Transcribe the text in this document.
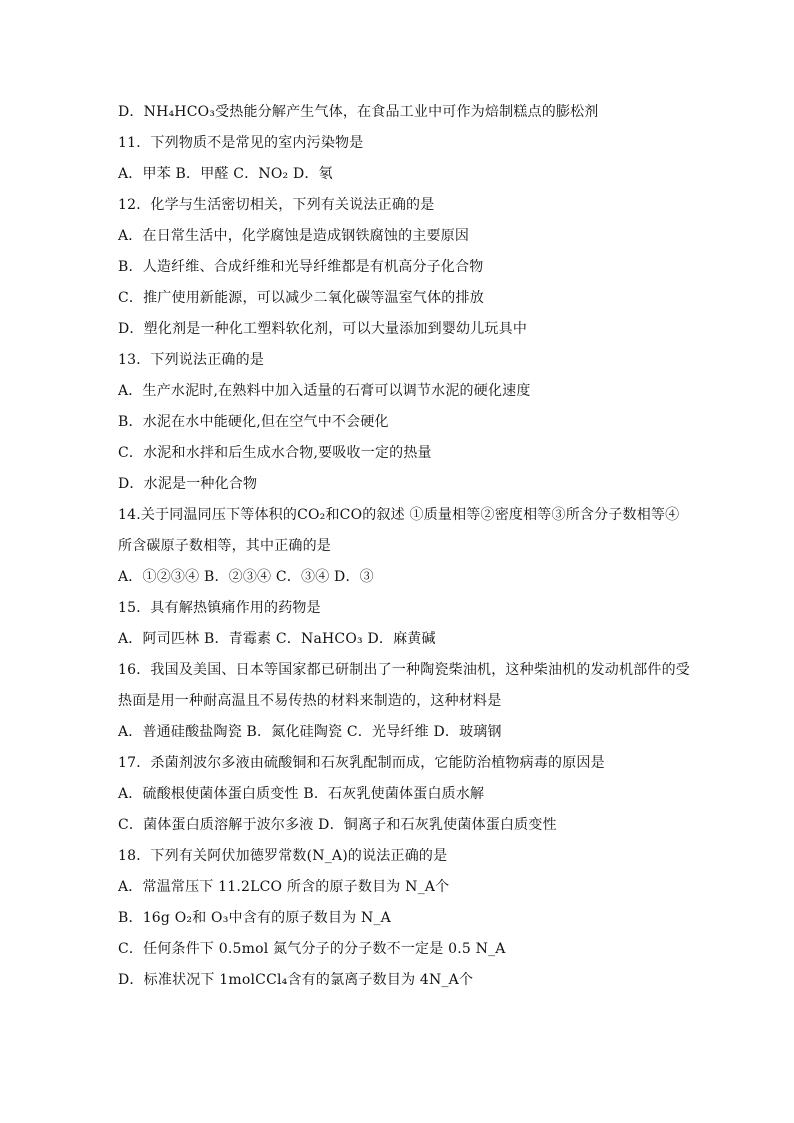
D．NH₄HCO₃受热能分解产生气体，在食品工业中可作为焙制糕点的膨松剂
11．下列物质不是常见的室内污染物是
A．甲苯 B．甲醛 C．NO₂ D．氡
12．化学与生活密切相关，下列有关说法正确的是
A．在日常生活中，化学腐蚀是造成钢铁腐蚀的主要原因
B．人造纤维、合成纤维和光导纤维都是有机高分子化合物
C．推广使用新能源，可以减少二氧化碳等温室气体的排放
D．塑化剂是一种化工塑料软化剂，可以大量添加到婴幼儿玩具中
13．下列说法正确的是
A．生产水泥时,在熟料中加入适量的石膏可以调节水泥的硬化速度
B．水泥在水中能硬化,但在空气中不会硬化
C．水泥和水拌和后生成水合物,要吸收一定的热量
D．水泥是一种化合物
14.关于同温同压下等体积的CO₂和CO的叙述 ①质量相等②密度相等③所含分子数相等④
所含碳原子数相等，其中正确的是
A．①②③④ B．②③④ C．③④ D．③
15．具有解热镇痛作用的药物是
A．阿司匹林 B．青霉素 C．NaHCO₃ D．麻黄碱
16．我国及美国、日本等国家都已研制出了一种陶瓷柴油机，这种柴油机的发动机部件的受
热面是用一种耐高温且不易传热的材料来制造的，这种材料是
A．普通硅酸盐陶瓷 B．氮化硅陶瓷 C．光导纤维 D．玻璃钢
17．杀菌剂波尔多液由硫酸铜和石灰乳配制而成，它能防治植物病毒的原因是
A．硫酸根使菌体蛋白质变性 B．石灰乳使菌体蛋白质水解
C．菌体蛋白质溶解于波尔多液 D．铜离子和石灰乳使菌体蛋白质变性
18．下列有关阿伏加德罗常数(N_A)的说法正确的是
A．常温常压下 11.2LCO 所含的原子数目为 N_A个
B．16g O₂和 O₃中含有的原子数目为 N_A
C．任何条件下 0.5mol 氮气分子的分子数不一定是 0.5 N_A
D．标准状况下 1molCCl₄含有的氯离子数目为 4N_A个
